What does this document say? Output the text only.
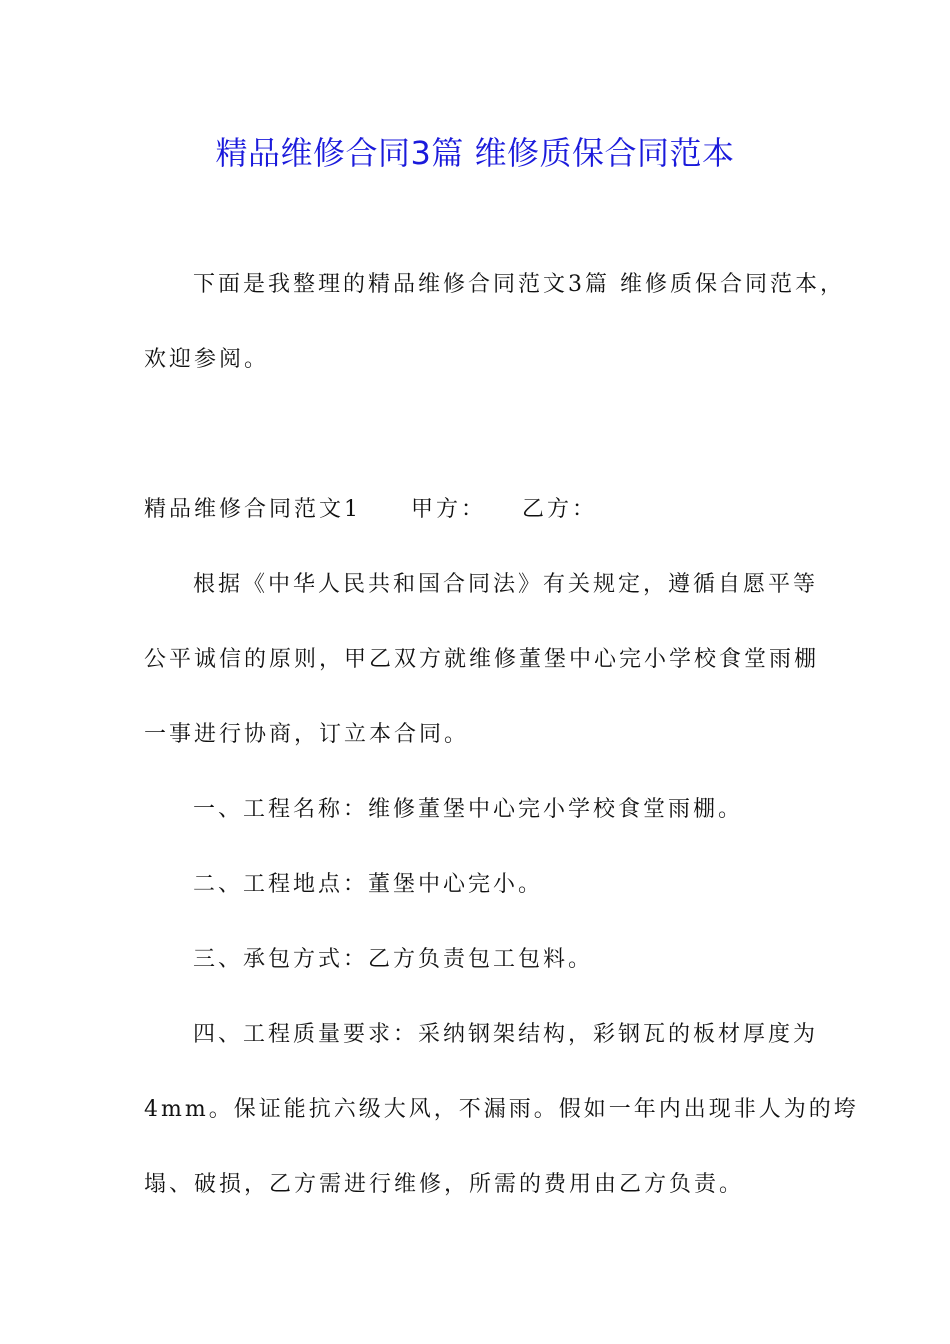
精品维修合同3篇 维修质保合同范本
下面是我整理的精品维修合同范文3篇 维修质保合同范本，
欢迎参阅。
精品维修合同范文1 甲方： 乙方：
根据《中华人民共和国合同法》有关规定，遵循自愿平等
公平诚信的原则，甲乙双方就维修董堡中心完小学校食堂雨棚
一事进行协商，订立本合同。
一、工程名称：维修董堡中心完小学校食堂雨棚。
二、工程地点：董堡中心完小。
三、承包方式：乙方负责包工包料。
四、工程质量要求：采纳钢架结构，彩钢瓦的板材厚度为
4mm。保证能抗六级大风，不漏雨。假如一年内出现非人为的垮
塌、破损，乙方需进行维修，所需的费用由乙方负责。
